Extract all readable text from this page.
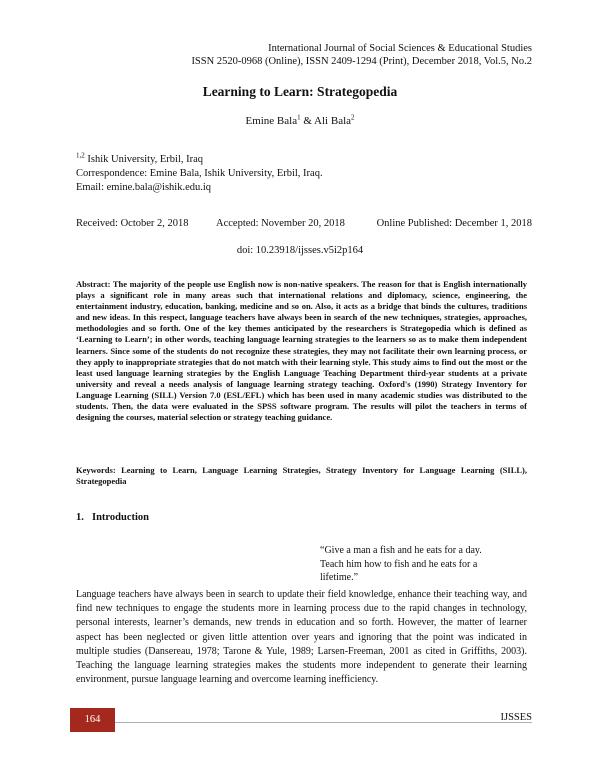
International Journal of Social Sciences & Educational Studies
ISSN 2520-0968 (Online), ISSN 2409-1294 (Print), December 2018, Vol.5, No.2
Learning to Learn: Strategopedia
Emine Bala$^1$ & Ali Bala$^2$
$^{1,2}$ Ishik University, Erbil, Iraq
Correspondence: Emine Bala, Ishik University, Erbil, Iraq.
Email: emine.bala@ishik.edu.iq
Received: October 2, 2018	Accepted: November 20, 2018	Online Published: December 1, 2018
doi: 10.23918/ijsses.v5i2p164
Abstract: The majority of the people use English now is non-native speakers. The reason for that is English internationally plays a significant role in many areas such that international relations and diplomacy, science, engineering, the entertainment industry, education, banking, medicine and so on. Also, it acts as a bridge that binds the cultures, traditions and new ideas. In this respect, language teachers have always been in search of the new techniques, strategies, approaches, methodologies and so forth. One of the key themes anticipated by the researchers is Strategopedia which is defined as ‘Learning to Learn’; in other words, teaching language learning strategies to the learners so as to make them independent learners. Since some of the students do not recognize these strategies, they may not facilitate their own learning process, or they apply to inappropriate strategies that do not match with their learning style. This study aims to find out the most or the least used language learning strategies by the English Language Teaching Department third-year students at a private university and reveal a needs analysis of language learning strategy teaching. Oxford's (1990) Strategy Inventory for Language Learning (SILL) Version 7.0 (ESL/EFL) which has been used in many academic studies was distributed to the students. Then, the data were evaluated in the SPSS software program. The results will pilot the teachers in terms of designing the courses, material selection or strategy teaching guidance.
Keywords: Learning to Learn, Language Learning Strategies, Strategy Inventory for Language Learning (SILL), Strategopedia
1. Introduction
“Give a man a fish and he eats for a day.
Teach him how to fish and he eats for a
lifetime.”
Language teachers have always been in search to update their field knowledge, enhance their teaching way, and find new techniques to engage the students more in learning process due to the rapid changes in technology, personal interests, learner’s demands, new trends in education and so forth. However, the matter of learner aspect has been neglected or given little attention over years and ignoring that the point was indicated in multiple studies (Dansereau, 1978; Tarone & Yule, 1989; Larsen-Freeman, 2001 as cited in Griffiths, 2003). Teaching the language learning strategies makes the students more independent to generate their learning environment, pursue language learning and overcome learning inefficiency.
164	IJSSES
